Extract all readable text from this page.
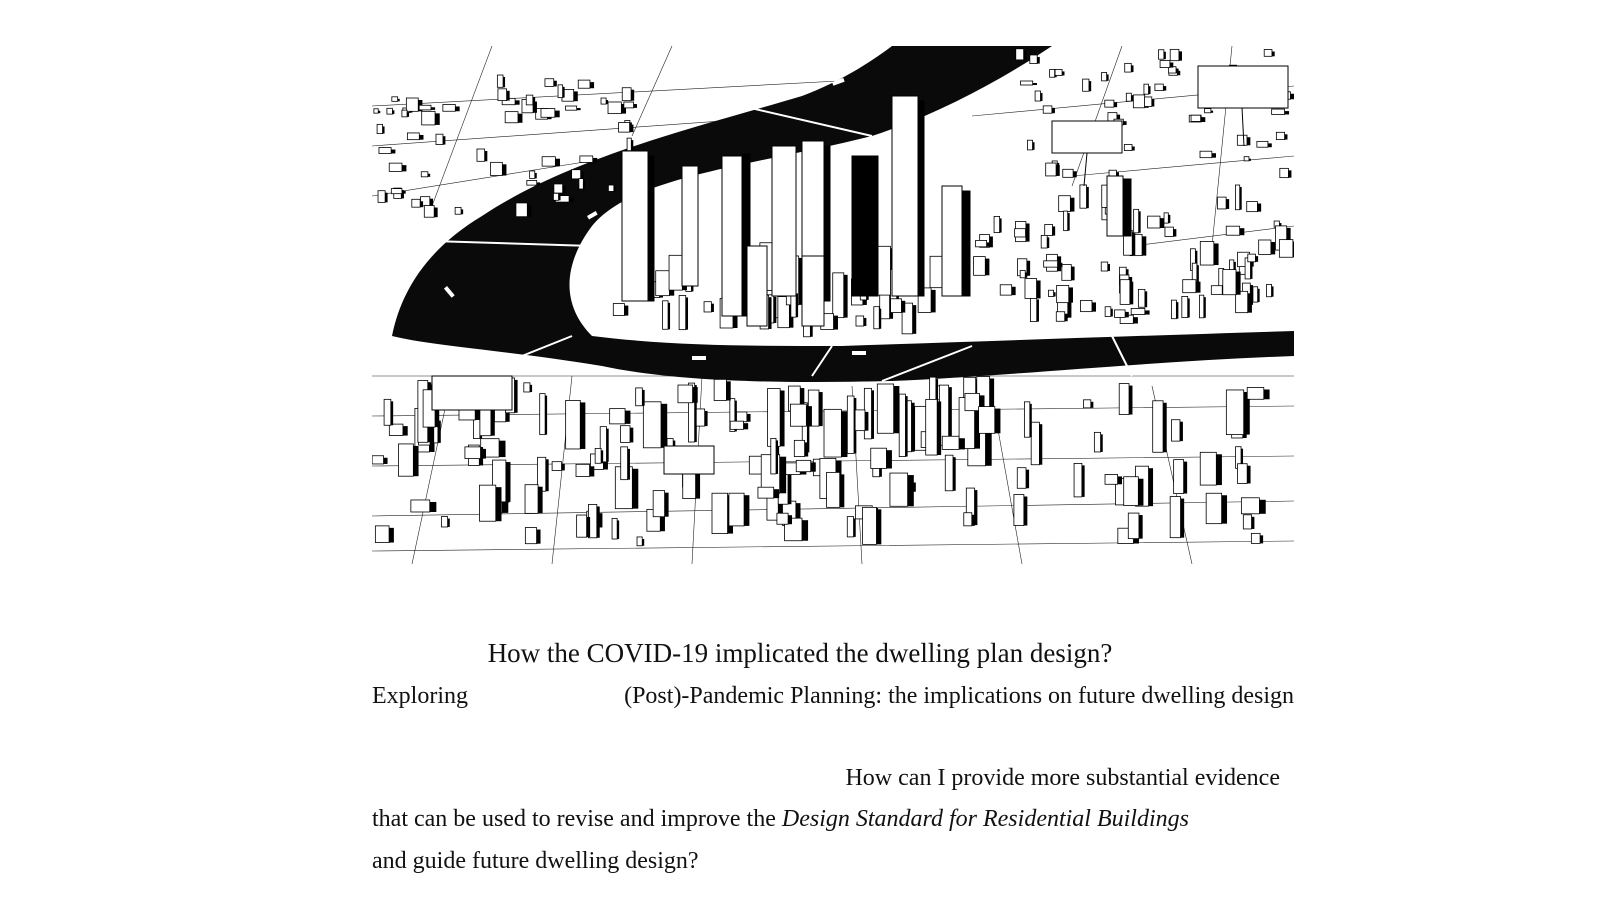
How the COVID-19 implicated the dwelling plan design?
Exploring	(Post)-Pandemic Planning: the implications on future dwelling design
How can I provide more substantial evidence
that can be used to revise and improve the Design Standard for Residential Buildings
and guide future dwelling design?
